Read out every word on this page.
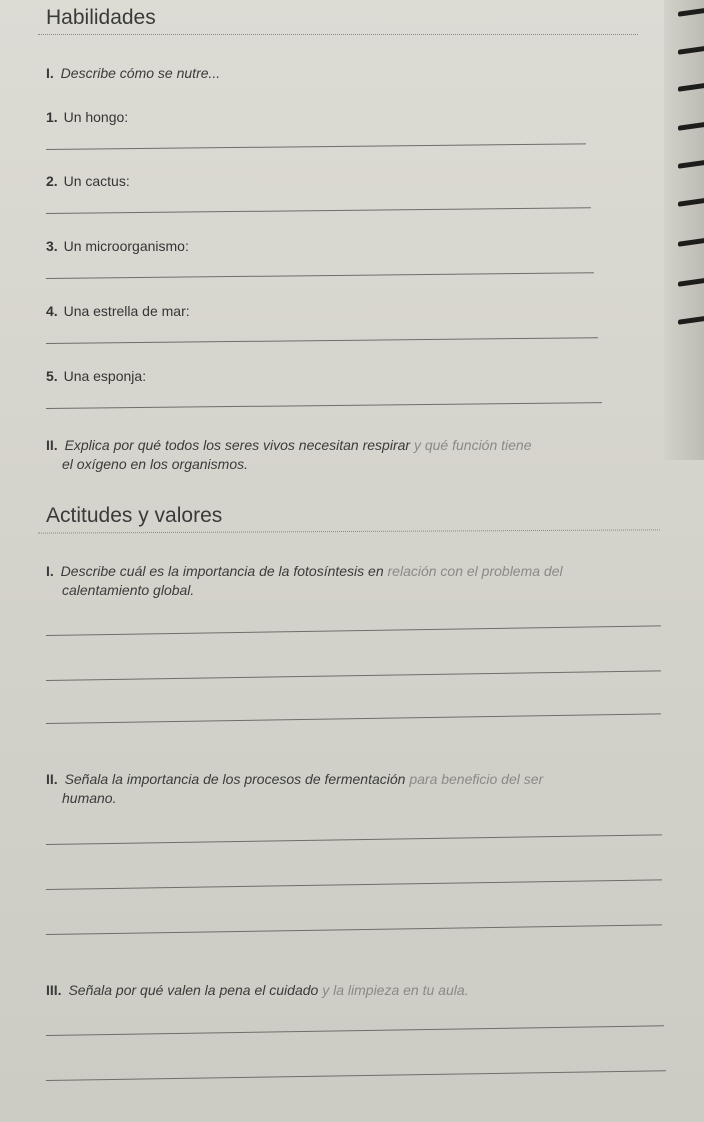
Habilidades
I. Describe cómo se nutre...
1. Un hongo:
2. Un cactus:
3. Un microorganismo:
4. Una estrella de mar:
5. Una esponja:
II. Explica por qué todos los seres vivos necesitan respirar y qué función tiene
el oxígeno en los organismos.
Actitudes y valores
I. Describe cuál es la importancia de la fotosíntesis en relación con el problema del
calentamiento global.
II. Señala la importancia de los procesos de fermentación para beneficio del ser
humano.
III. Señala por qué valen la pena el cuidado y la limpieza en tu aula.
